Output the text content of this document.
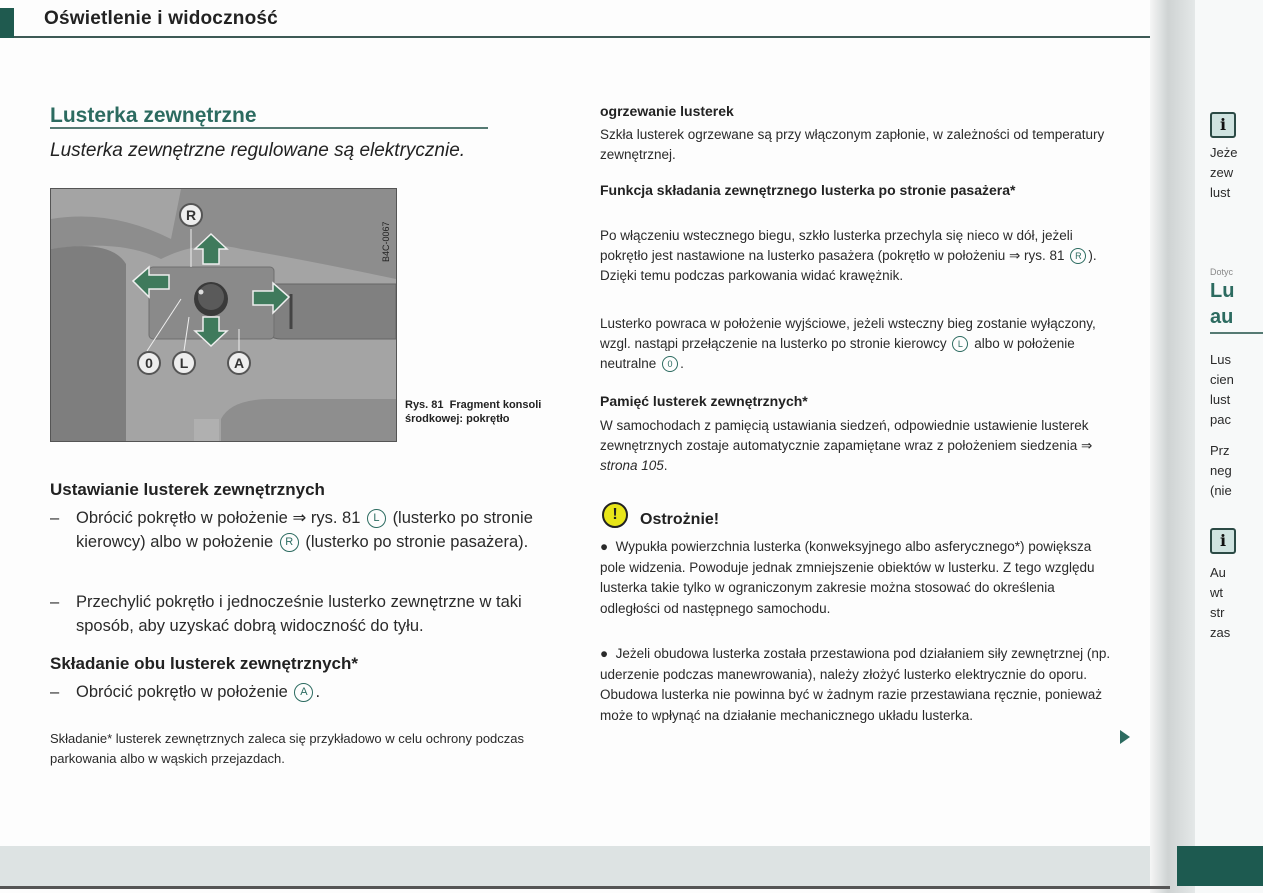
Oświetlenie i widoczność
Lusterka zewnętrzne
Lusterka zewnętrzne regulowane są elektrycznie.
R
0	L	A
B4C-0067
Rys. 81 Fragment konsoli środkowej: pokrętło
Ustawianie lusterek zewnętrznych
–	Obrócić pokrętło w położenie ⇒ rys. 81 L (lusterko po stronie kierowcy) albo w położenie R (lusterko po stronie pasażera).
–	Przechylić pokrętło i jednocześnie lusterko zewnętrzne w taki sposób, aby uzyskać dobrą widoczność do tyłu.
Składanie obu lusterek zewnętrznych*
–	Obrócić pokrętło w położenie A .
Składanie* lusterek zewnętrznych zaleca się przykładowo w celu ochrony podczas parkowania albo w wąskich przejazdach.
ogrzewanie lusterek
Szkła lusterek ogrzewane są przy włączonym zapłonie, w zależności od temperatury zewnętrznej.
Funkcja składania zewnętrznego lusterka po stronie pasażera*
Po włączeniu wstecznego biegu, szkło lusterka przechyla się nieco w dół, jeżeli pokrętło jest nastawione na lusterko pasażera (pokrętło w położeniu ⇒ rys. 81 R ). Dzięki temu podczas parkowania widać krawężnik.
Lusterko powraca w położenie wyjściowe, jeżeli wsteczny bieg zostanie wyłączony, wzgl. nastąpi przełączenie na lusterko po stronie kierowcy L albo w położenie neutralne 0 .
Pamięć lusterek zewnętrznych*
W samochodach z pamięcią ustawiania siedzeń, odpowiednie ustawienie lusterek zewnętrznych zostaje automatycznie zapamiętane wraz z położeniem siedzenia ⇒ strona 105.
!	Ostrożnie!
●  Wypukła powierzchnia lusterka (konweksyjnego albo asferycznego*) powiększa pole widzenia. Powoduje jednak zmniejszenie obiektów w lusterku. Z tego względu lusterka takie tylko w ograniczonym zakresie można stosować do określenia odległości od następnego samochodu.
●  Jeżeli obudowa lusterka została przestawiona pod działaniem siły zewnętrznej (np. uderzenie podczas manewrowania), należy złożyć lusterko elektrycznie do oporu. Obudowa lusterka nie powinna być w żadnym razie przestawiana ręcznie, ponieważ może to wpłynąć na działanie mechanicznego układu lusterka.
i
Jeże
zew
lust
Dotyc
Lu
au
Lus
cien
lust
pac
Prz
neg
(nie
i
Au
wt
str
zas
